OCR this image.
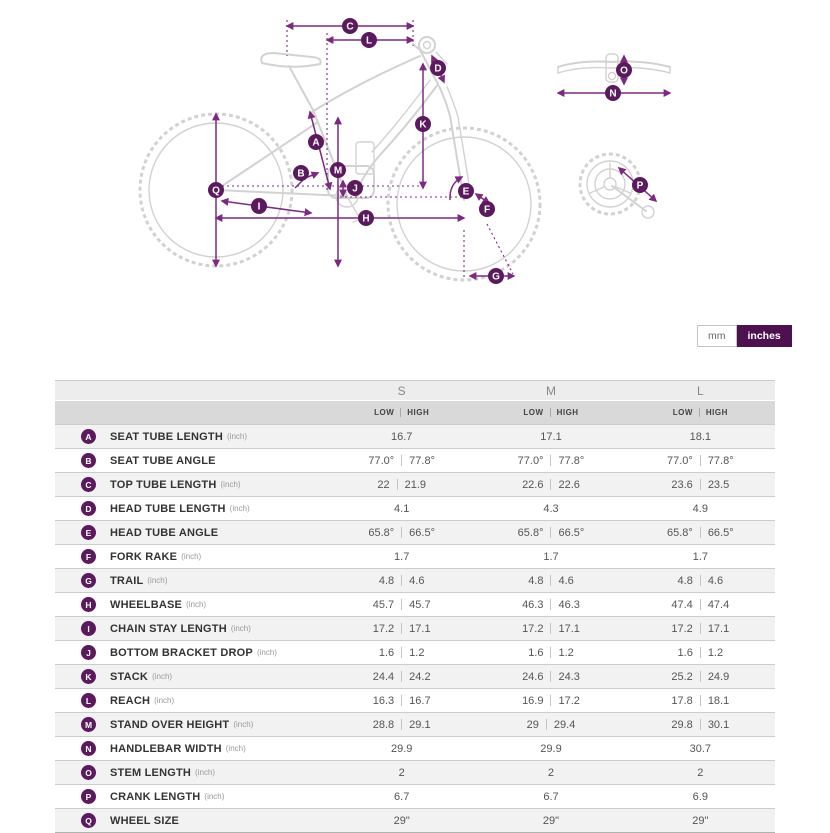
A
B
C
D
E
F
G
H
I
J
K
L
M
N
O
P
Q
mm	inches
S	M	L
LOW HIGH	LOW HIGH	LOW HIGH
A	SEAT TUBE LENGTH (inch)	16.7	17.1	18.1
B	SEAT TUBE ANGLE	77.0° 77.8°	77.0° 77.8°	77.0° 77.8°
C	TOP TUBE LENGTH (inch)	22 21.9	22.6 22.6	23.6 23.5
D	HEAD TUBE LENGTH (inch)	4.1	4.3	4.9
E	HEAD TUBE ANGLE	65.8° 66.5°	65.8° 66.5°	65.8° 66.5°
F	FORK RAKE (inch)	1.7	1.7	1.7
G	TRAIL (inch)	4.8 4.6	4.8 4.6	4.8 4.6
H	WHEELBASE (inch)	45.7 45.7	46.3 46.3	47.4 47.4
I	CHAIN STAY LENGTH (inch)	17.2 17.1	17.2 17.1	17.2 17.1
J	BOTTOM BRACKET DROP (inch)	1.6 1.2	1.6 1.2	1.6 1.2
K	STACK (inch)	24.4 24.2	24.6 24.3	25.2 24.9
L	REACH (inch)	16.3 16.7	16.9 17.2	17.8 18.1
M	STAND OVER HEIGHT (inch)	28.8 29.1	29 29.4	29.8 30.1
N	HANDLEBAR WIDTH (inch)	29.9	29.9	30.7
O	STEM LENGTH (inch)	2	2	2
P	CRANK LENGTH (inch)	6.7	6.7	6.9
Q	WHEEL SIZE	29"	29"	29"
